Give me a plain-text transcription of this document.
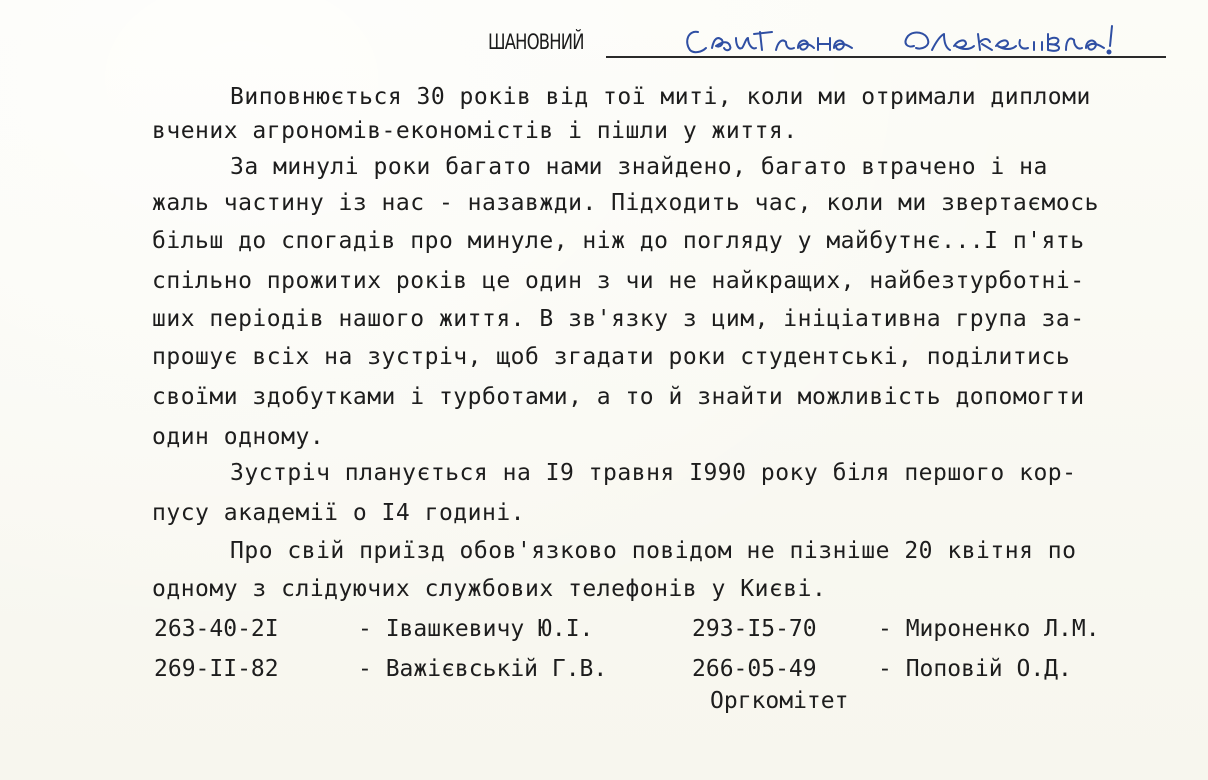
ШАНОВНИЙ
Виповнюється 30 років від тої миті, коли ми отримали дипломи
вчених агрономів-економістів і пішли у життя.
За минулі роки багато нами знайдено, багато втрачено і на
жаль частину із нас - назавжди. Підходить час, коли ми звертаємось
більш до спогадів про минуле, ніж до погляду у майбутнє...І п'ять
спільно прожитих років це один з чи не найкращих, найбезтурботні-
ших періодів нашого життя. В зв'язку з цим, ініціативна група за-
прошує всіх на зустріч, щоб згадати роки студентські, поділитись
своїми здобутками і турботами, а то й знайти можливість допомогти
один одному.
Зустріч планується на I9 травня I990 року біля першого кор-
пусу академії о I4 годині.
Про свій приїзд обов'язково повідом не пізніше 20 квітня по
одному з слідуючих службових телефонів у Києві.
263-40-2I	- Івашкевичу Ю.І.	293-I5-70	- Мироненко Л.М.
269-II-82	- Важієвській Г.В.	266-05-49	- Поповій О.Д.
Оргкомітет
